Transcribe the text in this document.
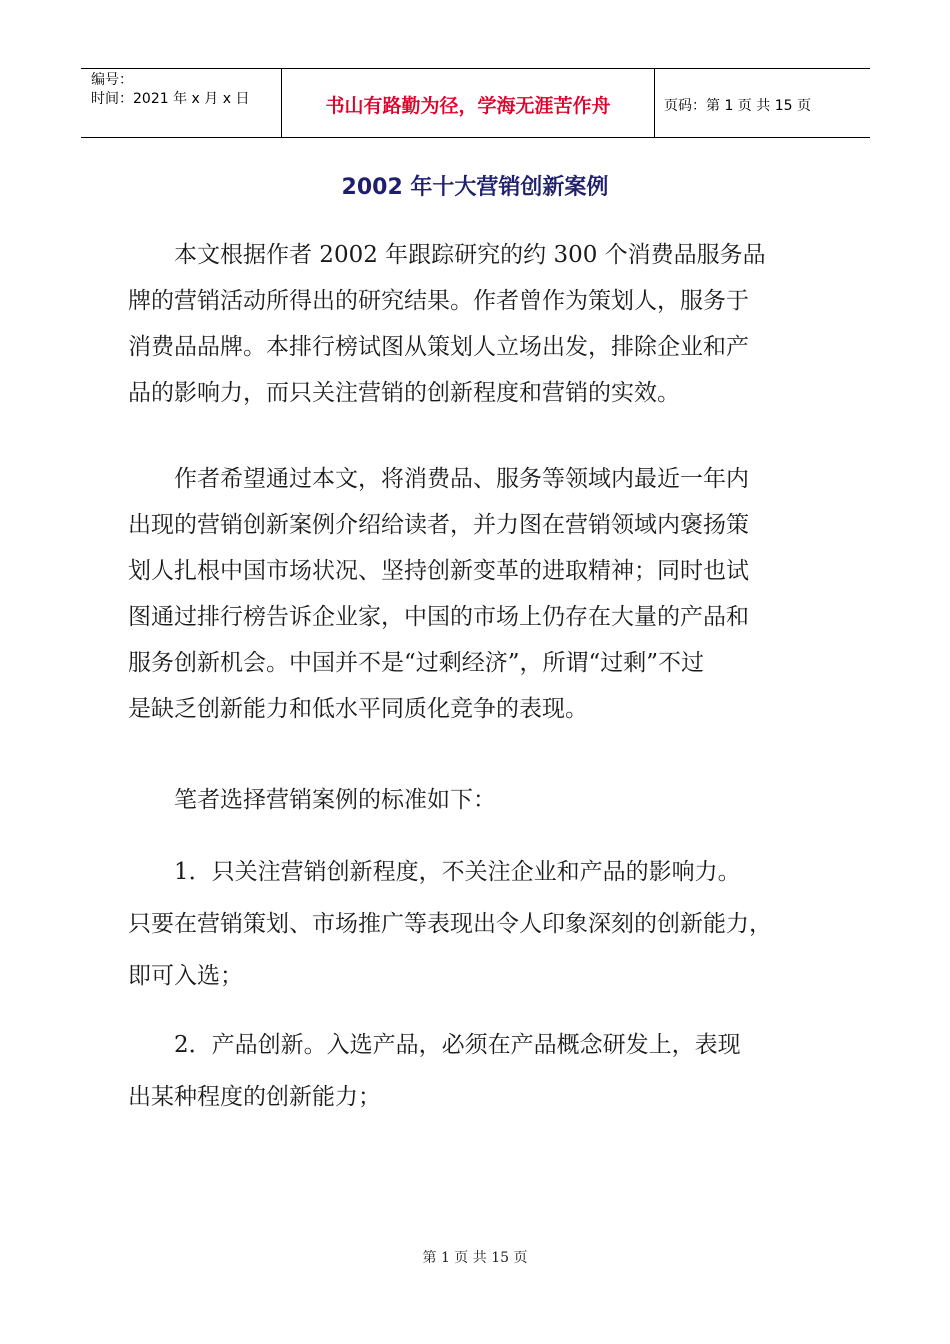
编号：
时间：2021 年 x 月 x 日	书山有路勤为径，学海无涯苦作舟	页码：第 1 页 共 15 页
2002 年十大营销创新案例
　　本文根据作者 2002 年跟踪研究的约 300 个消费品服务品
牌的营销活动所得出的研究结果。作者曾作为策划人，服务于
消费品品牌。本排行榜试图从策划人立场出发，排除企业和产
品的影响力，而只关注营销的创新程度和营销的实效。
　　作者希望通过本文，将消费品、服务等领域内最近一年内
出现的营销创新案例介绍给读者，并力图在营销领域内褒扬策
划人扎根中国市场状况、坚持创新变革的进取精神；同时也试
图通过排行榜告诉企业家，中国的市场上仍存在大量的产品和
服务创新机会。中国并不是“过剩经济”，所谓“过剩”不过
是缺乏创新能力和低水平同质化竞争的表现。
　　笔者选择营销案例的标准如下：
　　1．只关注营销创新程度，不关注企业和产品的影响力。
只要在营销策划、市场推广等表现出令人印象深刻的创新能力，
即可入选；
　　2．产品创新。入选产品，必须在产品概念研发上，表现
出某种程度的创新能力；
第 1 页 共 15 页
